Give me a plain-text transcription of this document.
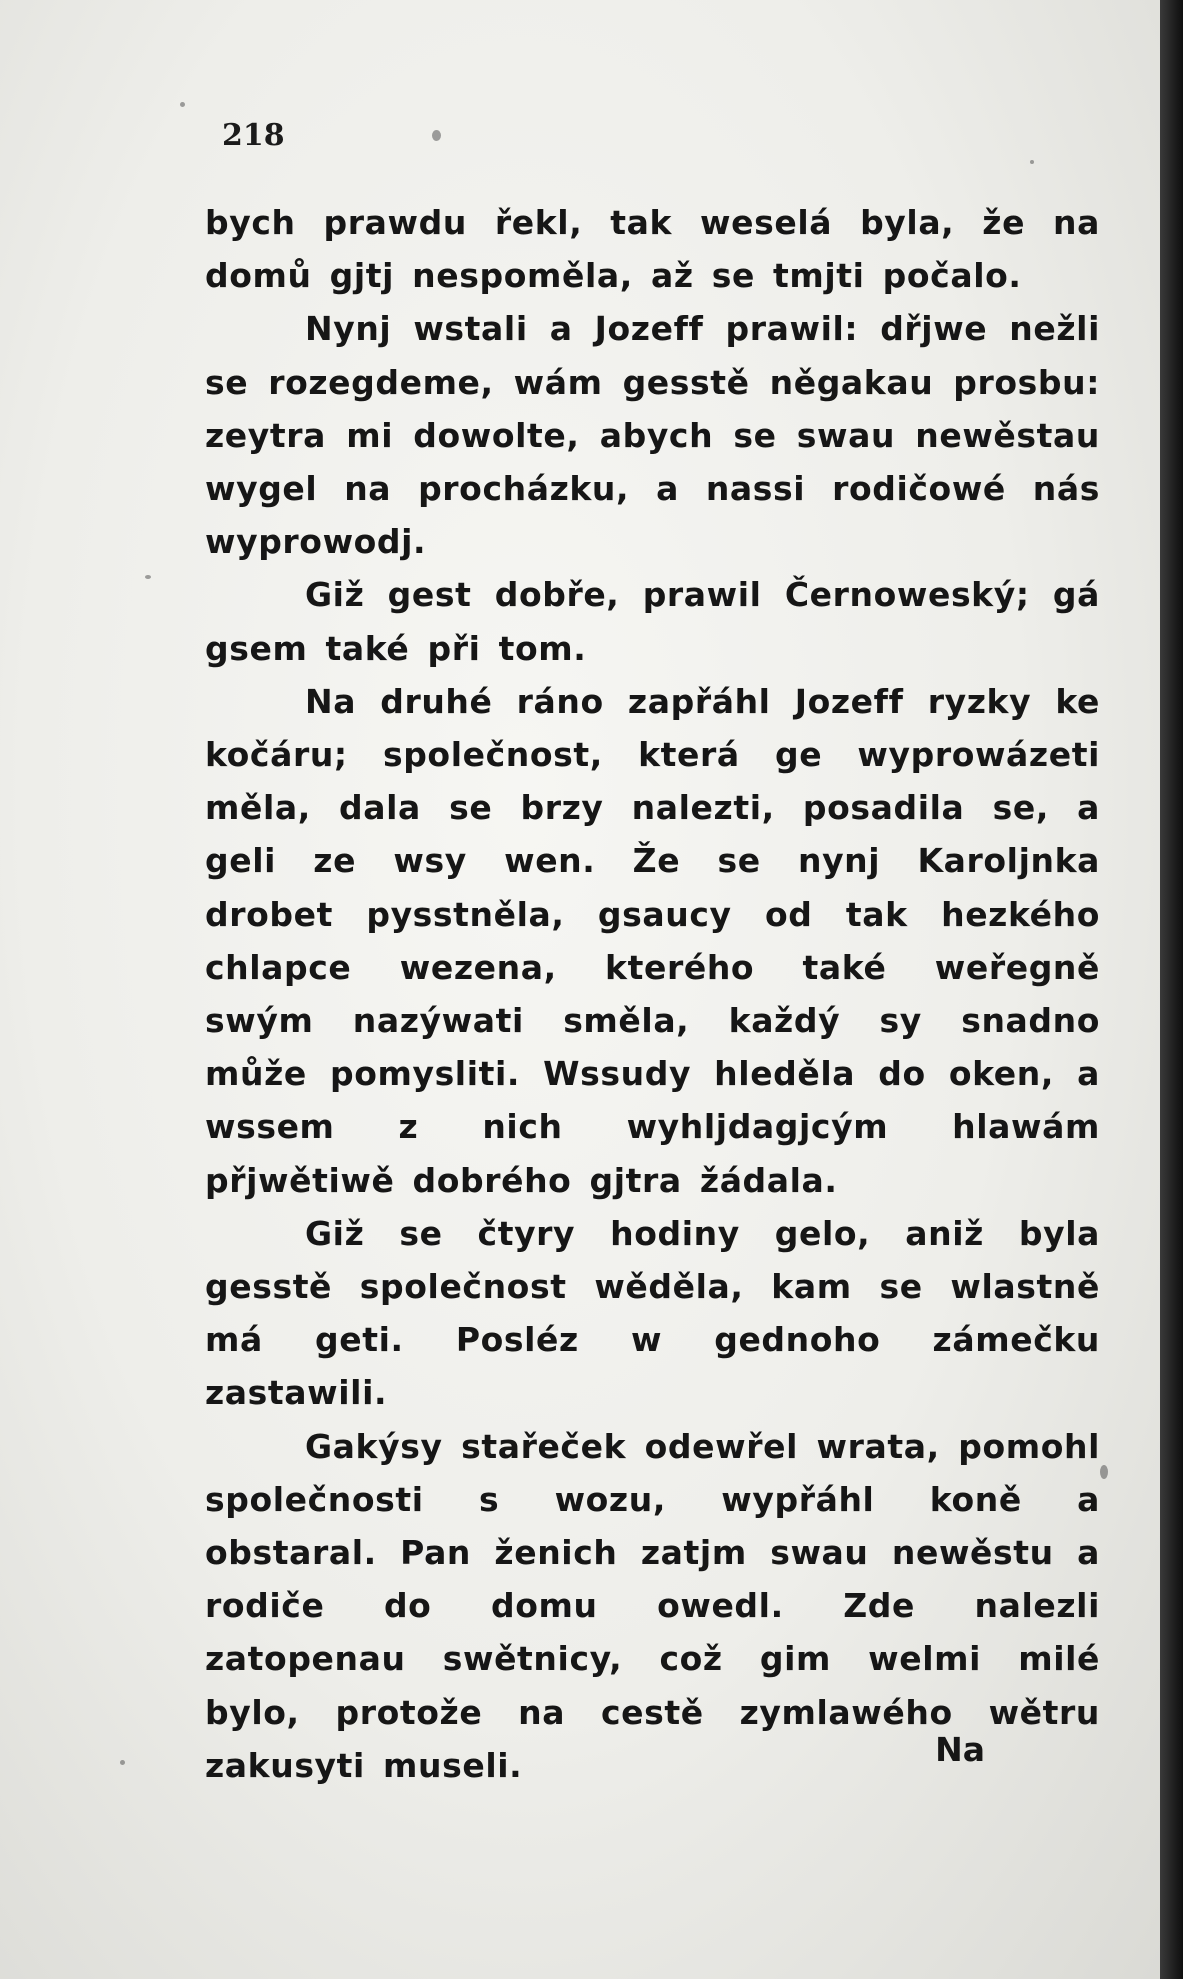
218

bych prawdu řekl, tak weselá byla, že na domů gjtj nespoměla, až se tmjti počalo.

Nynj wstali a Jozeff prawil: dřjwe nežli se rozegdeme, wám gesstě něgakau prosbu: zeytra mi dowolte, abych se swau newěstau wygel na procházku, a nassi rodičowé nás wyprowodj.

Giž gest dobře, prawil Černoweský; gá gsem také při tom.

Na druhé ráno zapřáhl Jozeff ryzky ke kočáru; společnost, která ge wyprowázeti měla, dala se brzy nalezti, posadila se, a geli ze wsy wen. Že se nynj Karoljnka drobet pysstněla, gsaucy od tak hezkého chlapce wezena, kterého také weřegně swým nazýwati směla, každý sy snadno může pomysliti. Wssudy hleděla do oken, a wssem z nich wyhljdagjcým hlawám přjwětiwě dobrého gjtra žádala.

Giž se čtyry hodiny gelo, aniž byla gesstě společnost wěděla, kam se wlastně má geti. Posléz w gednoho zámečku zastawili.

Gakýsy stařeček odewřel wrata, pomohl společnosti s wozu, wypřáhl koně a obstaral. Pan ženich zatjm swau newěstu a rodiče do domu owedl. Zde nalezli zatopenau swětnicy, což gim welmi milé bylo, protože na cestě zymlawého wětru zakusyti museli.	Na
